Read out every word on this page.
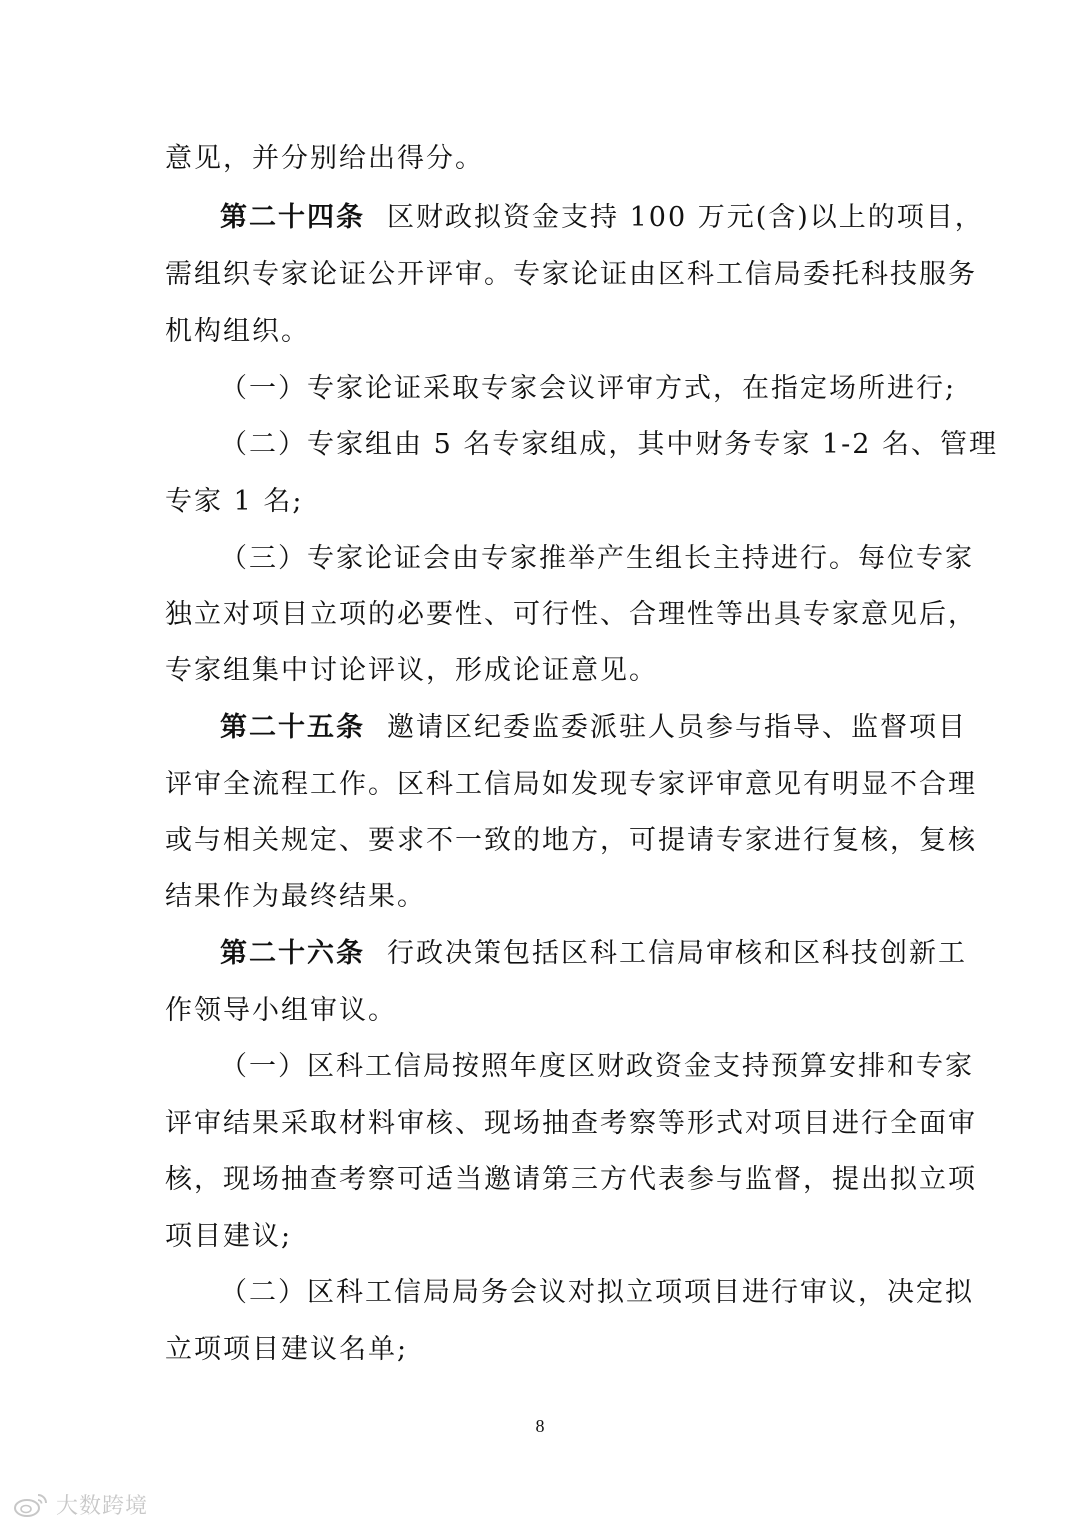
意见，并分别给出得分。
第二十四条 区财政拟资金支持 100 万元(含)以上的项目，
需组织专家论证公开评审。专家论证由区科工信局委托科技服务
机构组织。
（一）专家论证采取专家会议评审方式，在指定场所进行;
（二）专家组由 5 名专家组成，其中财务专家 1-2 名、管理
专家 1 名;
（三）专家论证会由专家推举产生组长主持进行。每位专家
独立对项目立项的必要性、可行性、合理性等出具专家意见后，
专家组集中讨论评议，形成论证意见。
第二十五条 邀请区纪委监委派驻人员参与指导、监督项目
评审全流程工作。区科工信局如发现专家评审意见有明显不合理
或与相关规定、要求不一致的地方，可提请专家进行复核，复核
结果作为最终结果。
第二十六条 行政决策包括区科工信局审核和区科技创新工
作领导小组审议。
（一）区科工信局按照年度区财政资金支持预算安排和专家
评审结果采取材料审核、现场抽查考察等形式对项目进行全面审
核，现场抽查考察可适当邀请第三方代表参与监督，提出拟立项
项目建议;
（二）区科工信局局务会议对拟立项项目进行审议，决定拟
立项项目建议名单;
8
大数跨境
